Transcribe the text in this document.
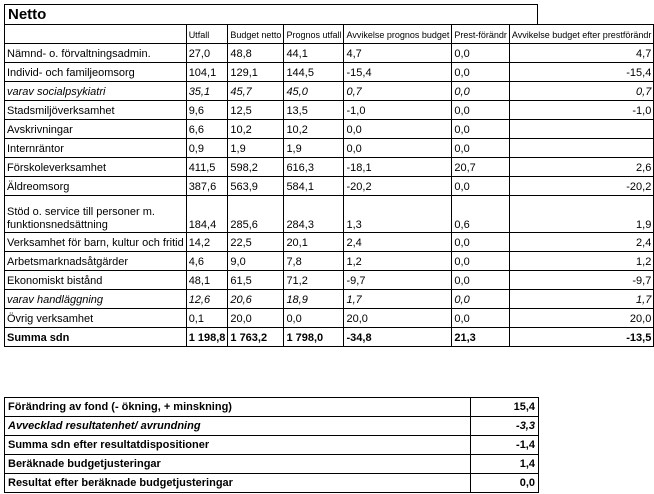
Netto
	Utfall	Budget netto	Prognos utfall	Avvikelse prognos budget	Prest-förändr	Avvikelse budget efter prestförändr
Nämnd- o. förvaltningsadmin.	27,0	48,8	44,1	4,7	0,0	4,7
Individ- och familjeomsorg	104,1	129,1	144,5	-15,4	0,0	-15,4
varav socialpsykiatri	35,1	45,7	45,0	0,7	0,0	0,7
Stadsmiljöverksamhet	9,6	12,5	13,5	-1,0	0,0	-1,0
Avskrivningar	6,6	10,2	10,2	0,0	0,0	
Internräntor	0,9	1,9	1,9	0,0	0,0	
Förskoleverksamhet	411,5	598,2	616,3	-18,1	20,7	2,6
Äldreomsorg	387,6	563,9	584,1	-20,2	0,0	-20,2
Stöd o. service till personer m. funktionsnedsättning	184,4	285,6	284,3	1,3	0,6	1,9
Verksamhet för barn, kultur och fritid	14,2	22,5	20,1	2,4	0,0	2,4
Arbetsmarknadsåtgärder	4,6	9,0	7,8	1,2	0,0	1,2
Ekonomiskt bistånd	48,1	61,5	71,2	-9,7	0,0	-9,7
varav handläggning	12,6	20,6	18,9	1,7	0,0	1,7
Övrig verksamhet	0,1	20,0	0,0	20,0	0,0	20,0
Summa sdn	1 198,8	1 763,2	1 798,0	-34,8	21,3	-13,5
Förändring av fond (- ökning, + minskning)	15,4
Avvecklad resultatenhet/ avrundning	-3,3
Summa sdn efter resultatdispositioner	-1,4
Beräknade budgetjusteringar	1,4
Resultat efter beräknade budgetjusteringar	0,0
